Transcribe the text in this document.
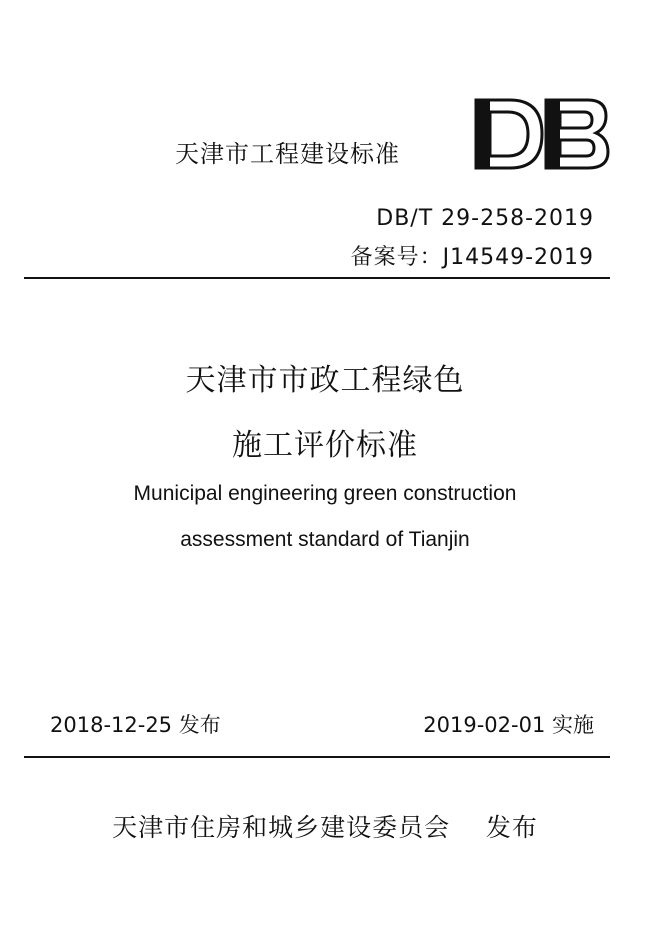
天津市工程建设标准
DB/T 29-258-2019
备案号：J14549-2019
天津市市政工程绿色
施工评价标准
Municipal engineering green construction
assessment standard of Tianjin
2018-12-25 发布	2019-02-01 实施
天津市住房和城乡建设委员会    发布
